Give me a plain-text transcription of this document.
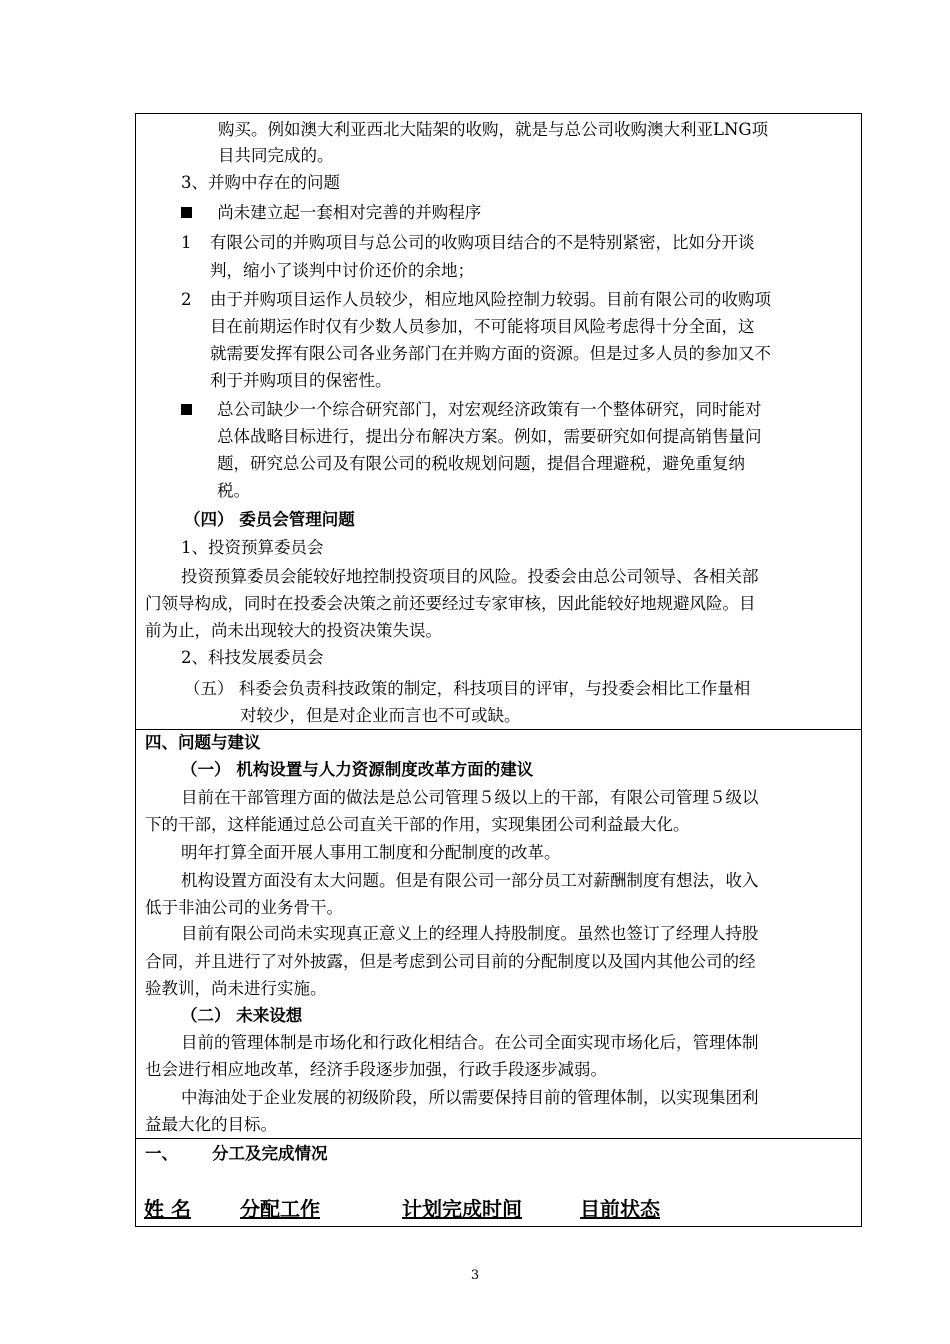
购买。例如澳大利亚西北大陆架的收购，就是与总公司收购澳大利亚LNG项
目共同完成的。
3、并购中存在的问题
尚未建立起一套相对完善的并购程序
1 有限公司的并购项目与总公司的收购项目结合的不是特别紧密，比如分开谈
判，缩小了谈判中讨价还价的余地；
2 由于并购项目运作人员较少，相应地风险控制力较弱。目前有限公司的收购项
目在前期运作时仅有少数人员参加，不可能将项目风险考虑得十分全面，这
就需要发挥有限公司各业务部门在并购方面的资源。但是过多人员的参加又不
利于并购项目的保密性。
总公司缺少一个综合研究部门，对宏观经济政策有一个整体研究，同时能对
总体战略目标进行，提出分布解决方案。例如，需要研究如何提高销售量问
题，研究总公司及有限公司的税收规划问题，提倡合理避税，避免重复纳
税。
（四） 委员会管理问题
1、投资预算委员会
投资预算委员会能较好地控制投资项目的风险。投委会由总公司领导、各相关部
门领导构成，同时在投委会决策之前还要经过专家审核，因此能较好地规避风险。目
前为止，尚未出现较大的投资决策失误。
2、科技发展委员会
（五） 科委会负责科技政策的制定，科技项目的评审，与投委会相比工作量相
对较少，但是对企业而言也不可或缺。
四、问题与建议
（一） 机构设置与人力资源制度改革方面的建议
目前在干部管理方面的做法是总公司管理５级以上的干部，有限公司管理５级以
下的干部，这样能通过总公司直关干部的作用，实现集团公司利益最大化。
明年打算全面开展人事用工制度和分配制度的改革。
机构设置方面没有太大问题。但是有限公司一部分员工对薪酬制度有想法，收入
低于非油公司的业务骨干。
目前有限公司尚未实现真正意义上的经理人持股制度。虽然也签订了经理人持股
合同，并且进行了对外披露，但是考虑到公司目前的分配制度以及国内其他公司的经
验教训，尚未进行实施。
（二） 未来设想
目前的管理体制是市场化和行政化相结合。在公司全面实现市场化后，管理体制
也会进行相应地改革，经济手段逐步加强，行政手段逐步减弱。
中海油处于企业发展的初级阶段，所以需要保持目前的管理体制，以实现集团利
益最大化的目标。
一、 分工及完成情况
姓 名 分配工作	计划完成时间	目前状态
3
